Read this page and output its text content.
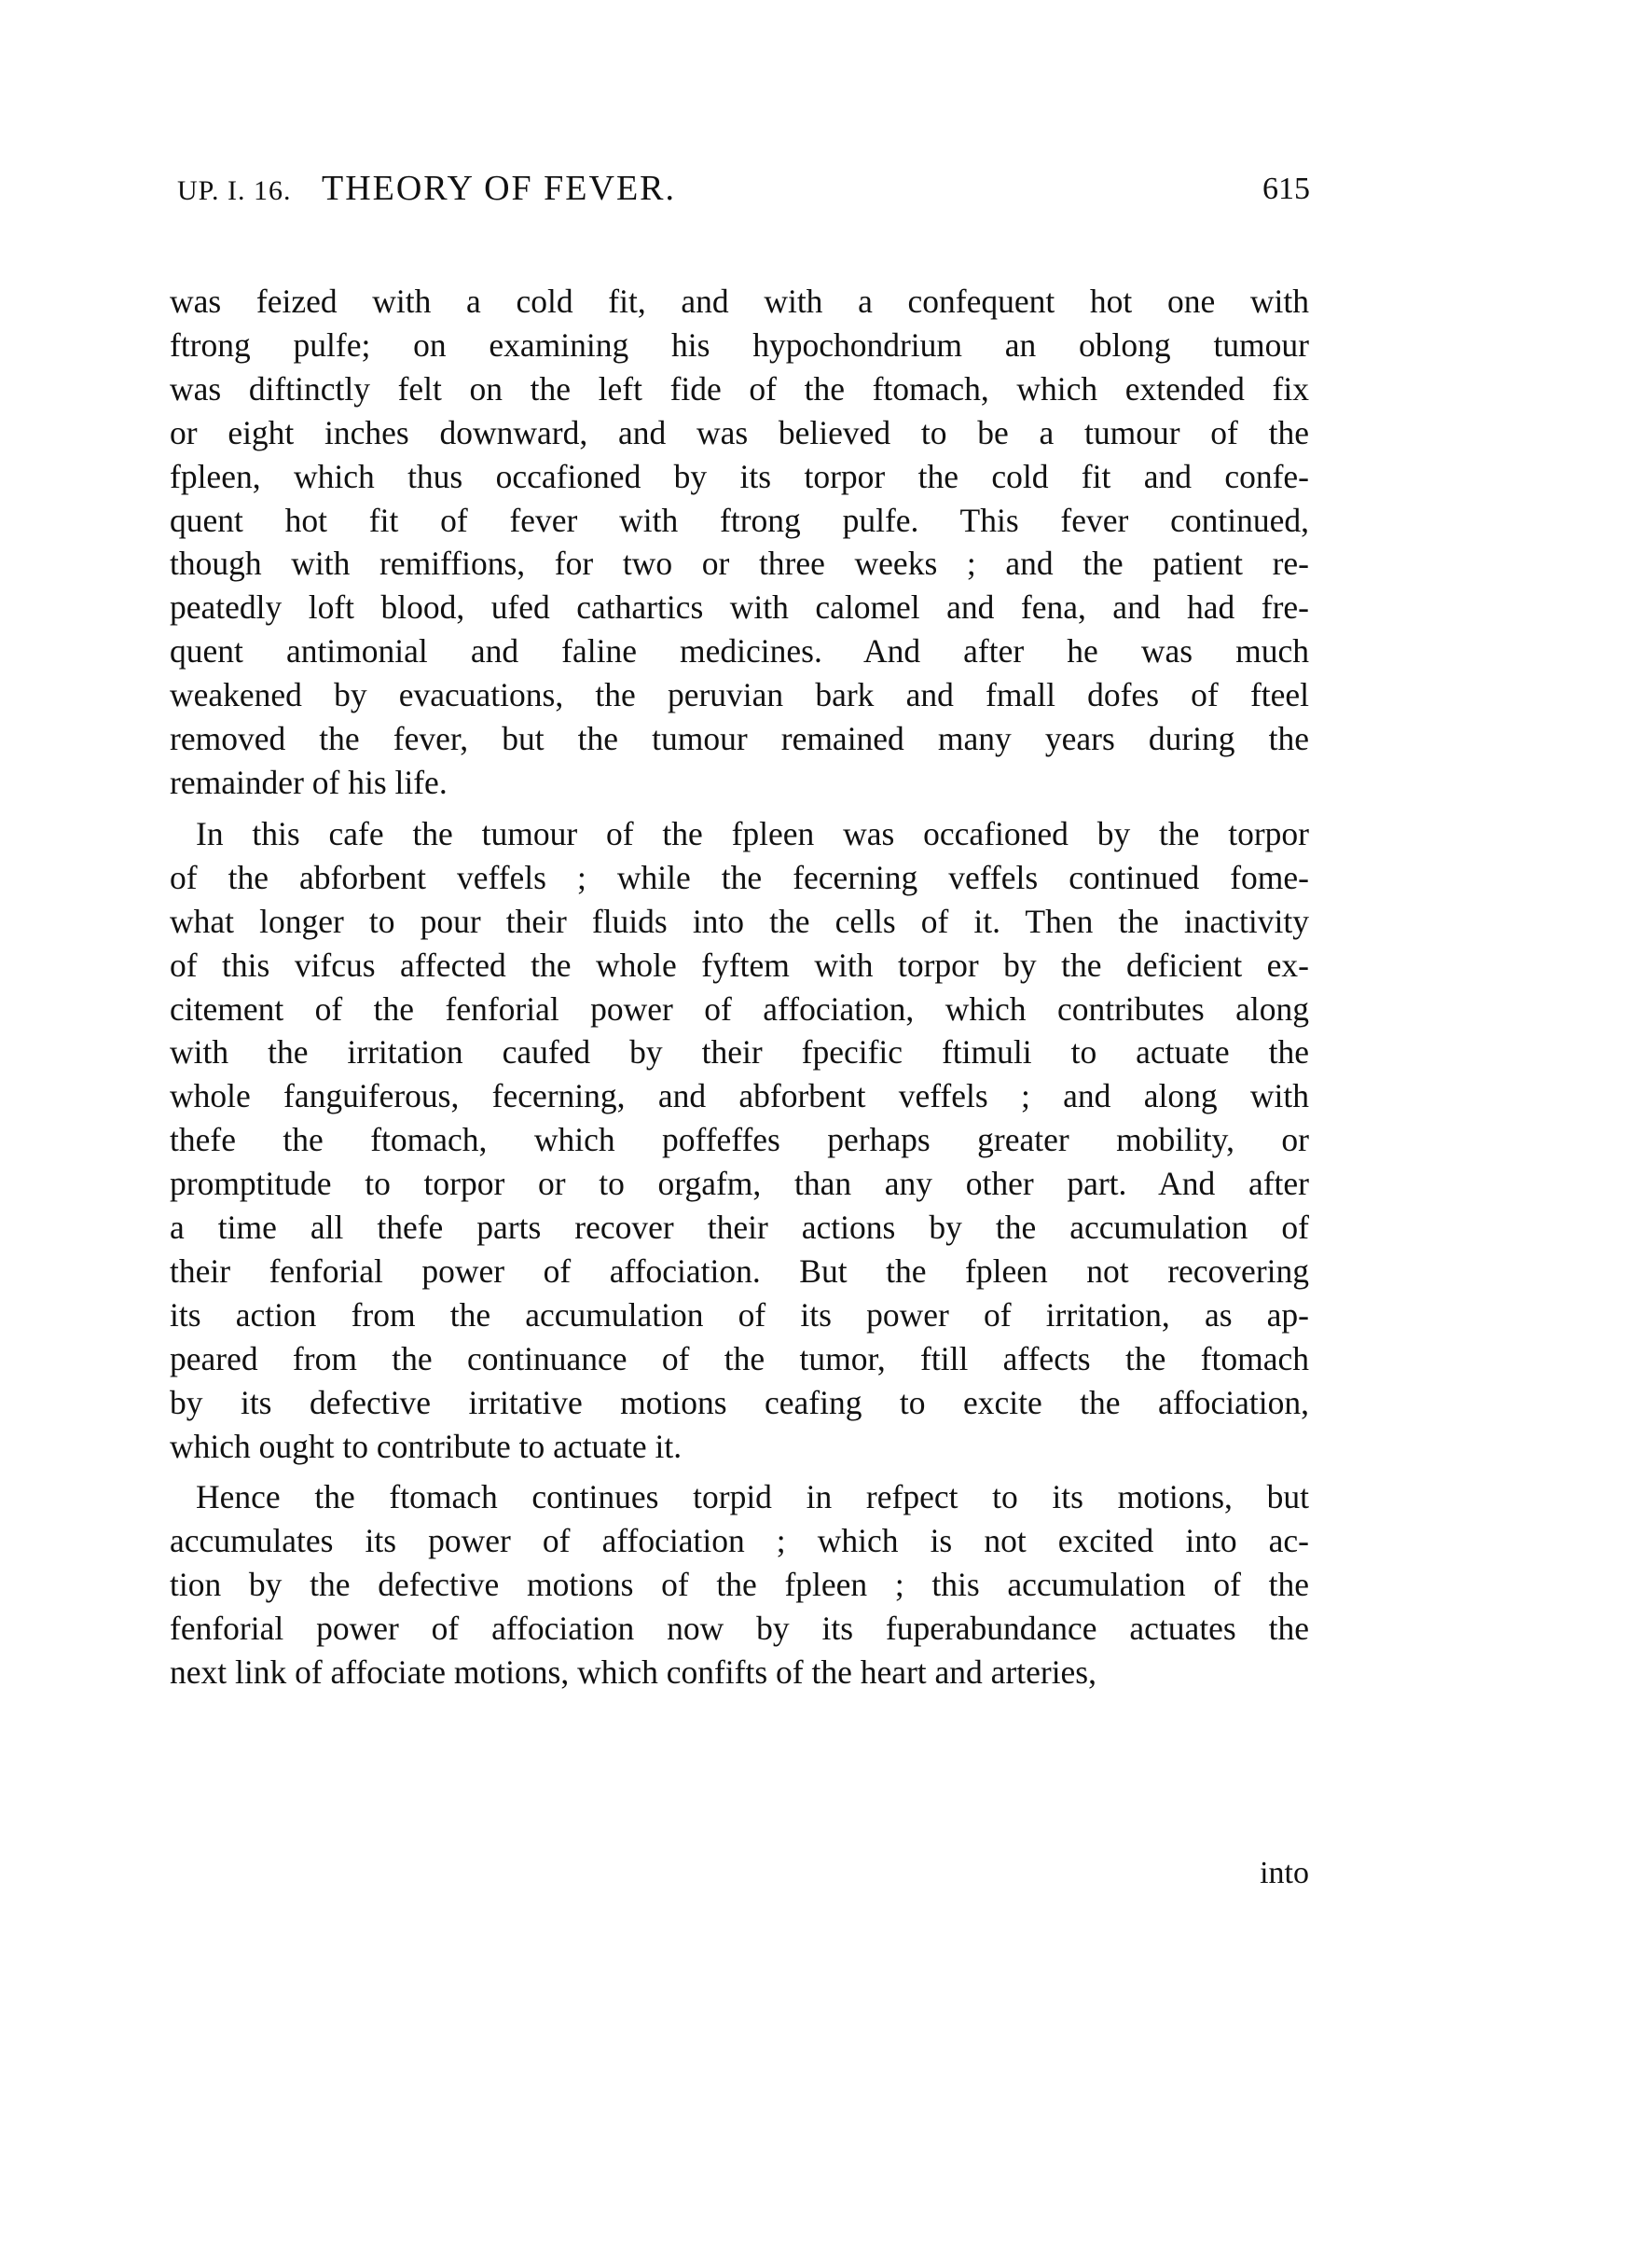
UP. I. 16. THEORY OF FEVER.	615
was feized with a cold fit, and with a confequent hot one with
ftrong pulfe; on examining his hypochondrium an oblong tumour
was diftinctly felt on the left fide of the ftomach, which extended fix
or eight inches downward, and was believed to be a tumour of the
fpleen, which thus occafioned by its torpor the cold fit and confe-
quent hot fit of fever with ftrong pulfe. This fever continued,
though with remiffions, for two or three weeks ; and the patient re-
peatedly loft blood, ufed cathartics with calomel and fena, and had fre-
quent antimonial and faline medicines. And after he was much
weakened by evacuations, the peruvian bark and fmall dofes of fteel
removed the fever, but the tumour remained many years during the
remainder of his life.
In this cafe the tumour of the fpleen was occafioned by the torpor
of the abforbent veffels ; while the fecerning veffels continued fome-
what longer to pour their fluids into the cells of it. Then the inactivity
of this vifcus affected the whole fyftem with torpor by the deficient ex-
citement of the fenforial power of affociation, which contributes along
with the irritation caufed by their fpecific ftimuli to actuate the
whole fanguiferous, fecerning, and abforbent veffels ; and along with
thefe the ftomach, which poffeffes perhaps greater mobility, or
promptitude to torpor or to orgafm, than any other part. And after
a time all thefe parts recover their actions by the accumulation of
their fenforial power of affociation. But the fpleen not recovering
its action from the accumulation of its power of irritation, as ap-
peared from the continuance of the tumor, ftill affects the ftomach
by its defective irritative motions ceafing to excite the affociation,
which ought to contribute to actuate it.
Hence the ftomach continues torpid in refpect to its motions, but
accumulates its power of affociation ; which is not excited into ac-
tion by the defective motions of the fpleen ; this accumulation of the
fenforial power of affociation now by its fuperabundance actuates the
next link of affociate motions, which confifts of the heart and arteries,
into
